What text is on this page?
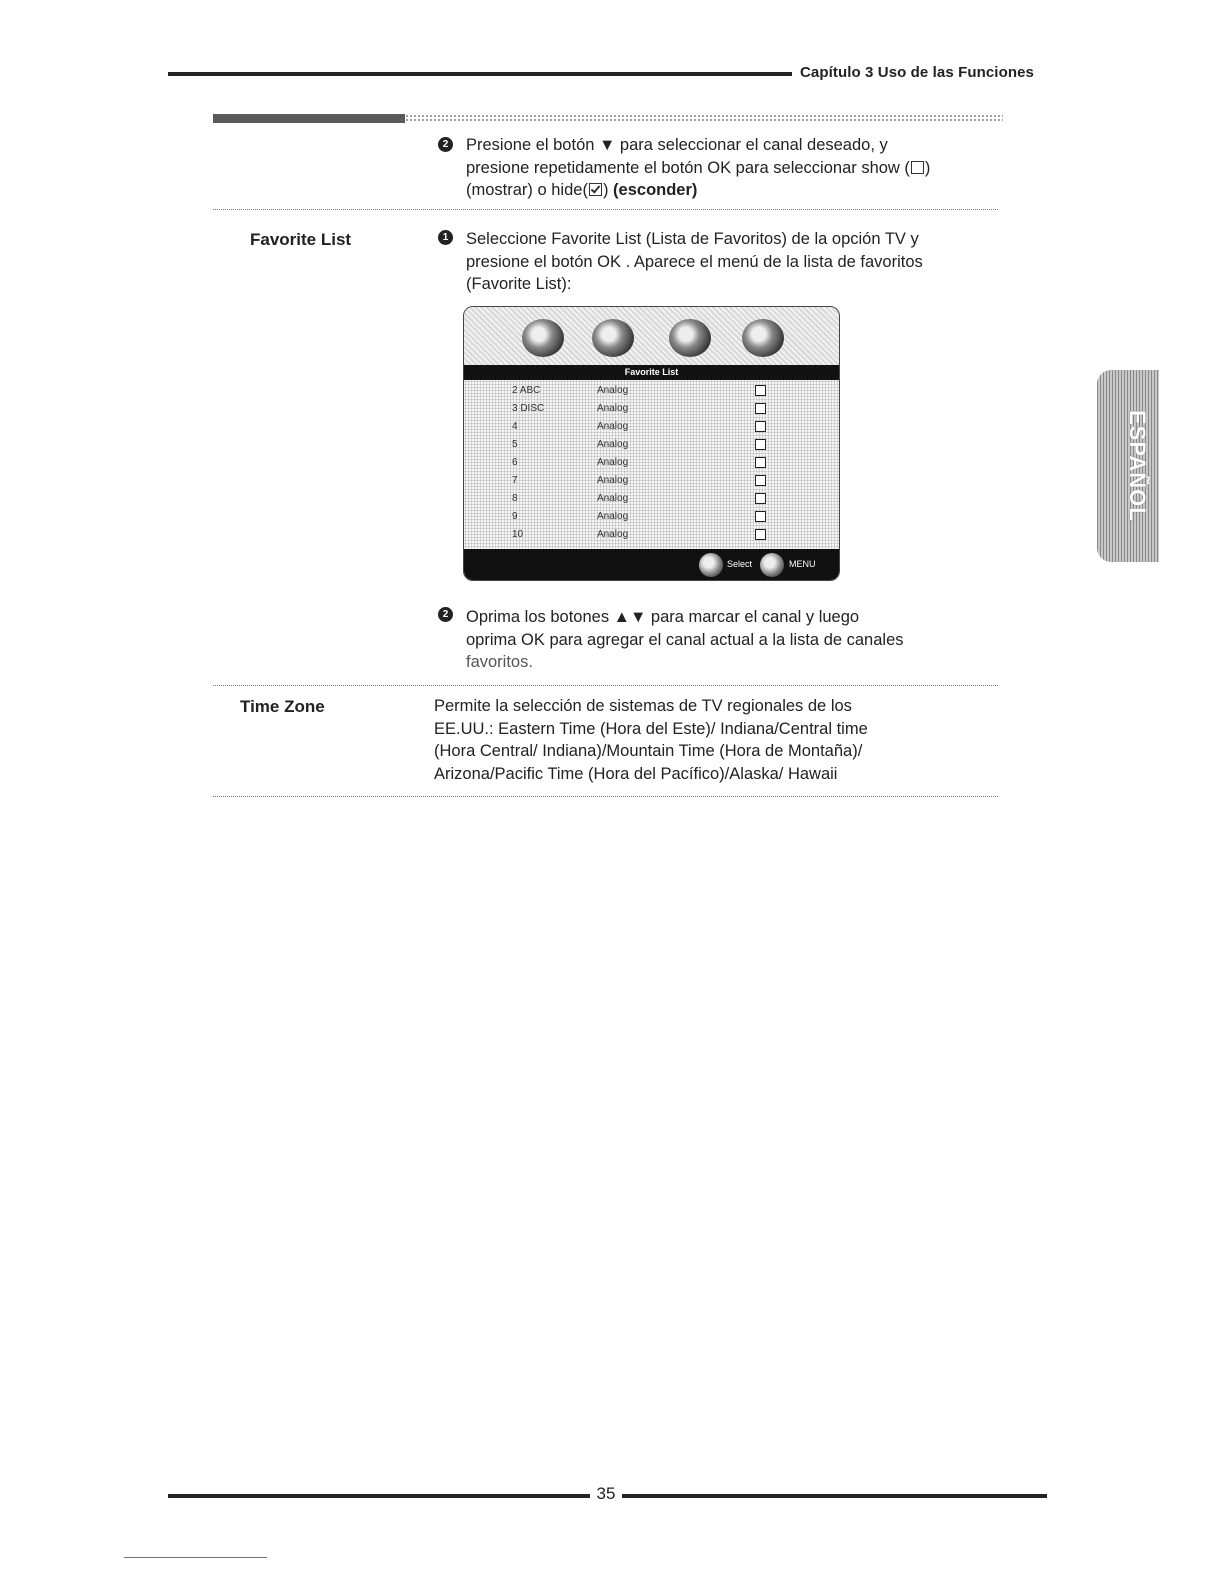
Capítulo 3 Uso de las Funciones
2 Presione el botón ▼ para seleccionar el canal deseado, y
presione repetidamente el botón OK para seleccionar show ( )
(mostrar) o hide( ) (esconder)
Favorite List	1 Seleccione Favorite List (Lista de Favoritos) de la opción TV y
presione el botón OK . Aparece el menú de la lista de favoritos
(Favorite List):
Favorite List
2 ABC	Analog
3 DISC	Analog
4	Analog
5	Analog
6	Analog
7	Analog
8	Analog
9	Analog
10	Analog
Select	MENU
2 Oprima los botones ▲▼ para marcar el canal y luego
oprima OK para agregar el canal actual a la lista de canales
favoritos.
Time Zone	Permite la selección de sistemas de TV regionales de los
EE.UU.: Eastern Time (Hora del Este)/ Indiana/Central time
(Hora Central/ Indiana)/Mountain Time (Hora de Montaña)/
Arizona/Pacific Time (Hora del Pacífico)/Alaska/ Hawaii
ESPAÑOL
35
